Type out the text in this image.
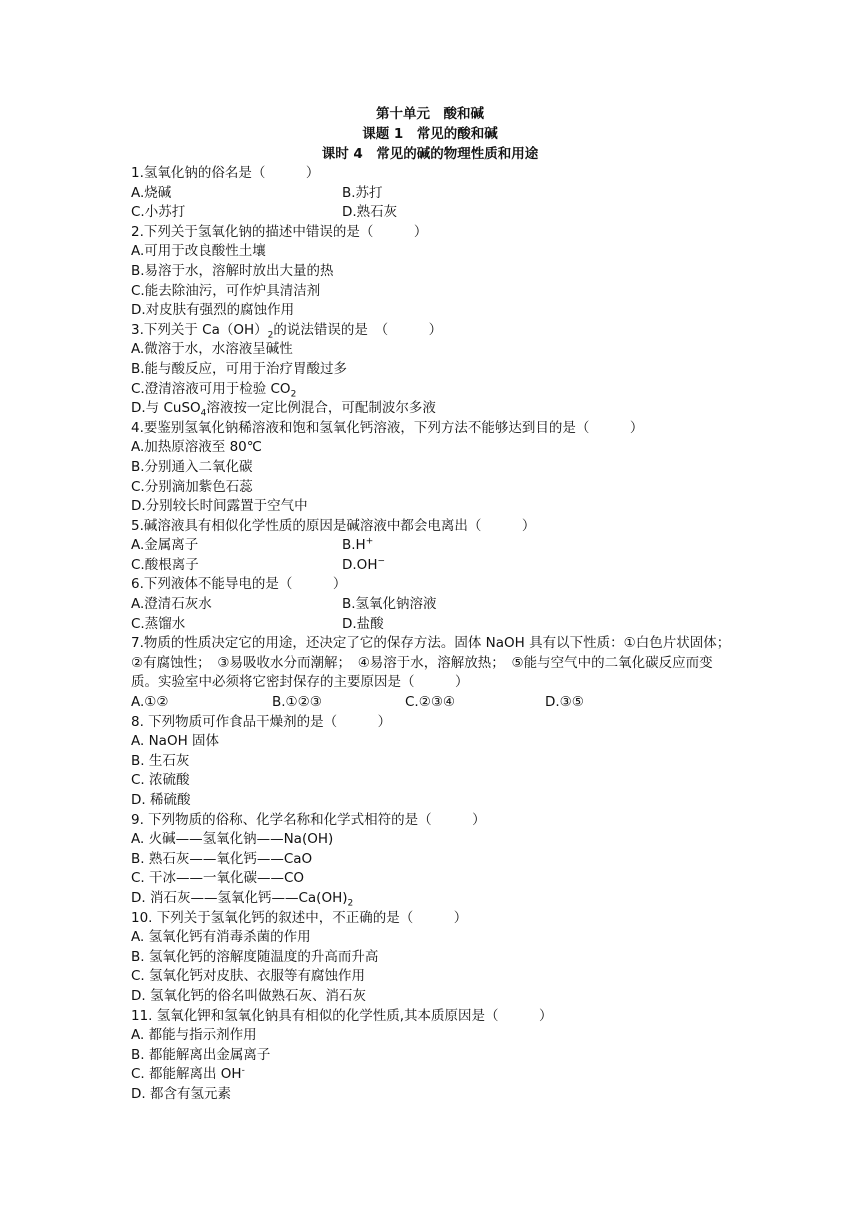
第十单元　酸和碱
课题 1　常见的酸和碱
课时 4　常见的碱的物理性质和用途
1.氢氧化钠的俗名是（　　　）
A.烧碱	B.苏打
C.小苏打	D.熟石灰
2.下列关于氢氧化钠的描述中错误的是（　　　）
A.可用于改良酸性土壤
B.易溶于水，溶解时放出大量的热
C.能去除油污，可作炉具清洁剂
D.对皮肤有强烈的腐蚀作用
3.下列关于 $Ca(OH)_2$的说法错误的是　（　　　）
A.微溶于水，水溶液呈碱性
B.能与酸反应，可用于治疗胃酸过多
C.澄清溶液可用于检验 $CO_2$
D.与 CuSO$_4$溶液按一定比例混合，可配制波尔多液
4.要鉴别氢氧化钠稀溶液和饱和氢氧化钙溶液，下列方法不能够达到目的是（　　　）
A.加热原溶液至 80℃
B.分别通入二氧化碳
C.分别滴加紫色石蕊
D.分别较长时间露置于空气中
5.碱溶液具有相似化学性质的原因是碱溶液中都会电离出（　　　）
A.金属离子	B.H+
C.酸根离子	D.OH−
6.下列液体不能导电的是（　　　）
A.澄清石灰水	B.氢氧化钠溶液
C.蒸馏水	D.盐酸
7.物质的性质决定它的用途，还决定了它的保存方法。固体 NaOH 具有以下性质：①白色片状固体；　②有腐蚀性；　③易吸收水分而潮解；　④易溶于水，溶解放热；　⑤能与空气中的二氧化碳反应而变质。实验室中必须将它密封保存的主要原因是（　　　）
A.①②	B.①②③	C.②③④	D.③⑤
8. 下列物质可作食品干燥剂的是（　　　）
A. NaOH 固体
B. 生石灰
C. 浓硫酸
D. 稀硫酸
9. 下列物质的俗称、化学名称和化学式相符的是（　　　）
A. 火碱——氢氧化钠——Na(OH)
B. 熟石灰——氧化钙——CaO
C. 干冰——一氧化碳——CO
D. 消石灰——氢氧化钙$——Ca(OH)_2$
10. 下列关于氢氧化钙的叙述中，不正确的是（　　　）
A. 氢氧化钙有消毒杀菌的作用
B. 氢氧化钙的溶解度随温度的升高而升高
C. 氢氧化钙对皮肤、衣服等有腐蚀作用
D. 氢氧化钙的俗名叫做熟石灰、消石灰
11. 氢氧化钾和氢氧化钠具有相似的化学性质,其本质原因是（　　　）
A. 都能与指示剂作用
B. 都能解离出金属离子
C. 都能解离出 OH-
D. 都含有氢元素
